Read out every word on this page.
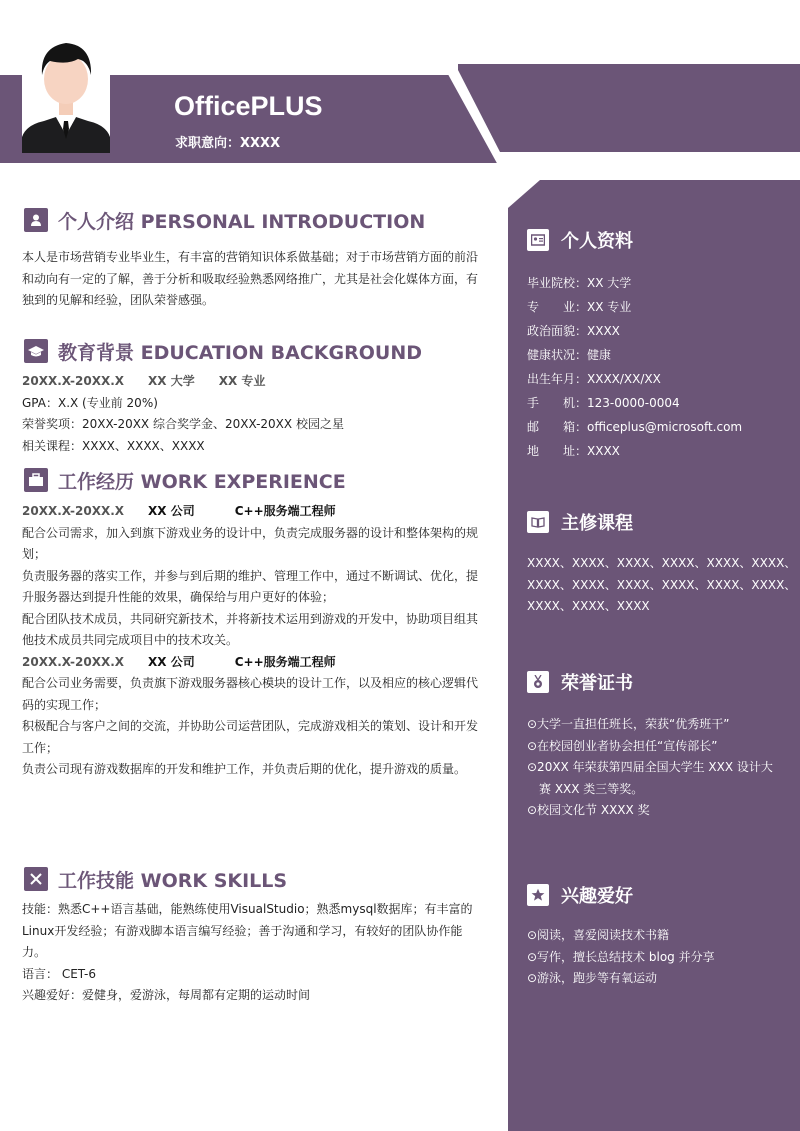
OfficePLUS
求职意向：XXXX
个人介绍 PERSONAL INTRODUCTION
本人是市场营销专业毕业生，有丰富的营销知识体系做基础；对于市场营销方面的前沿
和动向有一定的了解，善于分析和吸取经验熟悉网络推广，尤其是社会化媒体方面，有
独到的见解和经验，团队荣誉感强。
教育背景 EDUCATION BACKGROUND
20XX.X-20XX.X XX 大学 XX 专业
GPA：X.X (专业前 20%)
荣誉奖项：20XX-20XX 综合奖学金、20XX-20XX 校园之星
相关课程：XXXX、XXXX、XXXX
工作经历 WORK EXPERIENCE
20XX.X-20XX.X XX 公司	C++服务端工程师
配合公司需求，加入到旗下游戏业务的设计中，负责完成服务器的设计和整体架构的规
划；
负责服务器的落实工作，并参与到后期的维护、管理工作中，通过不断调试、优化，提
升服务器达到提升性能的效果，确保给与用户更好的体验；
配合团队技术成员，共同研究新技术，并将新技术运用到游戏的开发中，协助项目组其
他技术成员共同完成项目中的技术攻关。
20XX.X-20XX.X XX 公司	C++服务端工程师
配合公司业务需要，负责旗下游戏服务器核心模块的设计工作，以及相应的核心逻辑代
码的实现工作；
积极配合与客户之间的交流，并协助公司运营团队，完成游戏相关的策划、设计和开发
工作；
负责公司现有游戏数据库的开发和维护工作，并负责后期的优化，提升游戏的质量。
工作技能 WORK SKILLS
技能：熟悉C++语言基础，能熟练使用VisualStudio；熟悉mysql数据库；有丰富的
Linux开发经验；有游戏脚本语言编写经验；善于沟通和学习，有较好的团队协作能
力。
语言： CET-6
兴趣爱好：爱健身，爱游泳，每周都有定期的运动时间
个人资料
毕业院校： XX 大学
专　　业： XX 专业
政治面貌： XXXX
健康状况： 健康
出生年月： XXXX/XX/XX
手　　机： 123-0000-0004
邮　　箱： officeplus@microsoft.com
地　　址： XXXX
主修课程
XXXX、XXXX、XXXX、XXXX、XXXX、XXXX、
XXXX、XXXX、XXXX、XXXX、XXXX、XXXX、
XXXX、XXXX、XXXX
荣誉证书
⊙大学一直担任班长，荣获“优秀班干”
⊙在校园创业者协会担任“宣传部长”
⊙20XX 年荣获第四届全国大学生 XXX 设计大赛 XXX 类三等奖。
⊙校园文化节 XXXX 奖
兴趣爱好
⊙阅读，喜爱阅读技术书籍
⊙写作，擅长总结技术 blog 并分享
⊙游泳，跑步等有氧运动
